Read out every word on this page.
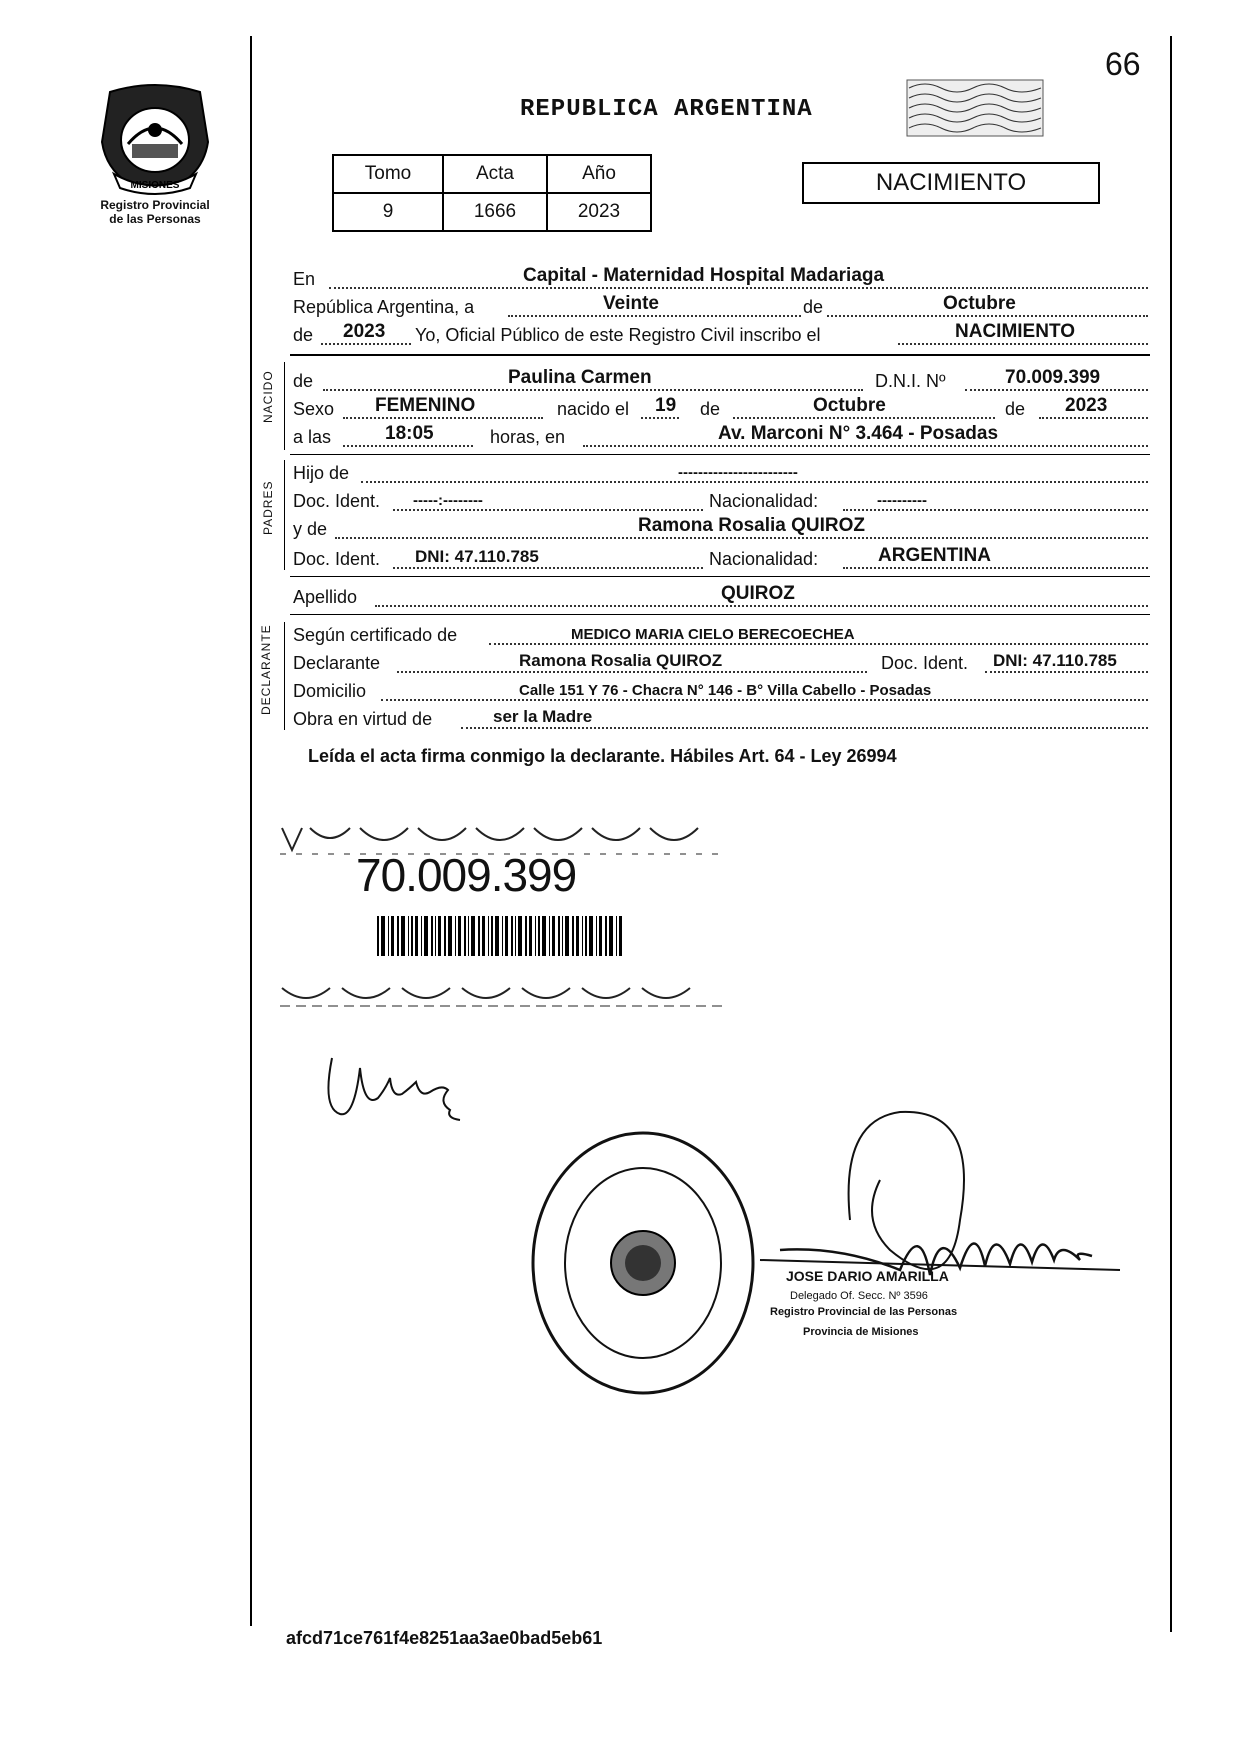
MISIONES
Registro Provincial
de las Personas
66
REPUBLICA ARGENTINA
Tomo	Acta	Año
9	1666	2023
NACIMIENTO
En	Capital - Maternidad Hospital Madariaga
República Argentina, a	Veinte	de	Octubre
de 2023 Yo, Oficial Público de este Registro Civil inscribo el	NACIMIENTO
NACIDO de	Paulina Carmen	D.N.I. Nº	70.009.399
Sexo FEMENINO	nacido el 19 de	Octubre	de 2023
a las	18:05	horas, en	Av. Marconi N° 3.464 - Posadas
PADRES
Hijo de	------------------------
Doc. Ident. -----:--------	Nacionalidad:	----------
y de	Ramona Rosalia QUIROZ
Doc. Ident. DNI: 47.110.785	Nacionalidad:	ARGENTINA
Apellido	QUIROZ
DECLARANTE Según certificado de	MEDICO MARIA CIELO BERECOECHEA
Declarante	Ramona Rosalia QUIROZ	Doc. Ident. DNI: 47.110.785
Domicilio	Calle 151 Y 76 - Chacra N° 146 - B° Villa Cabello - Posadas
Obra en virtud de	ser la Madre
Leída el acta firma conmigo la declarante. Hábiles Art. 64 - Ley 26994
70.009.399
JOSE DARIO AMARILLA
Delegado Of. Secc. Nº 3596
Registro Provincial de las Personas
Provincia de Misiones
afcd71ce761f4e8251aa3ae0bad5eb61
